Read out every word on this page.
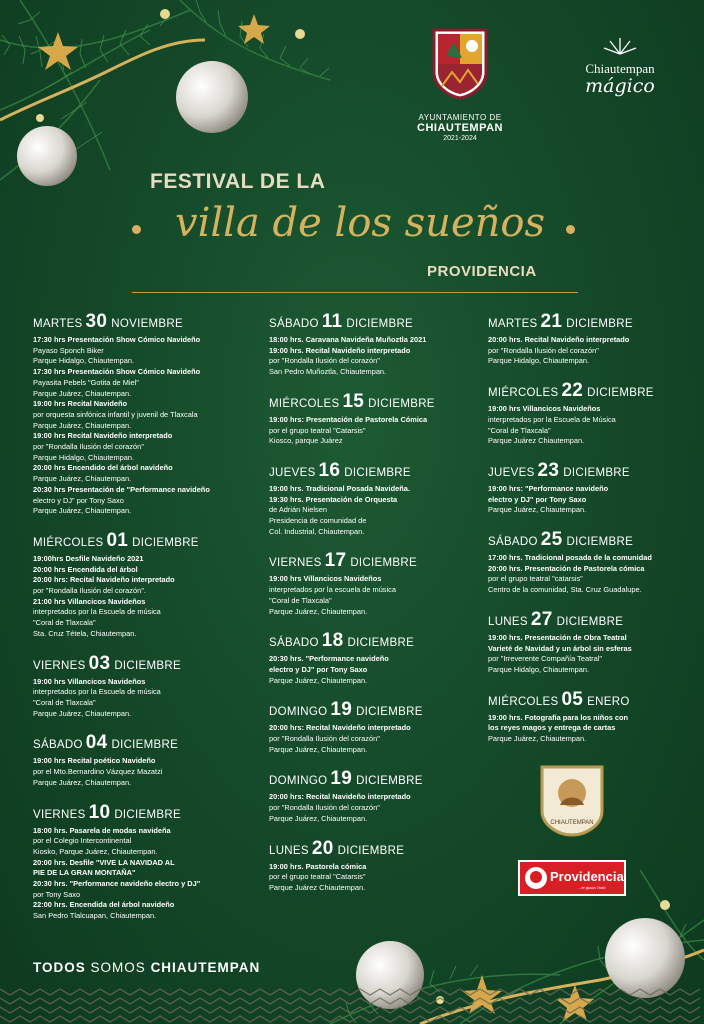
AYUNTAMIENTO DE
CHIAUTEMPAN
2021-2024
Chiautempan
mágico
FESTIVAL DE LA
villa de los sueños
PROVIDENCIA
MARTES 30 NOVIEMBRE
17:30 hrs Presentación Show Cómico Navideño
Payaso Sponch Biker
Parque Hidalgo, Chiautempan.
17:30 hrs Presentación Show Cómico Navideño
Payasita Pebels "Gotita de Miel"
Parque Juárez, Chiautempan.
19:00 hrs Recital Navideño
por orquesta sinfónica infantil y juvenil de Tlaxcala
Parque Juárez, Chiautempan.
19:00 hrs Recital Navideño interpretado
por "Rondalla Ilusión del corazón"
Parque Hidalgo, Chiautempan.
20:00 hrs Encendido del árbol navideño
Parque Juárez, Chiautempan.
20:30 hrs Presentación de "Performance navideño
electro y DJ" por Tony Saxo
Parque Juárez, Chiautempan.
MIÉRCOLES 01 DICIEMBRE
19:00hrs Desfile Navideño 2021
20:00 hrs Encendida del árbol
20:00 hrs: Recital Navideño interpretado
por "Rondalla Ilusión del corazón".
21:00 hrs Villancicos Navideños
interpretados por la Escuela de música
"Coral de Tlaxcala"
Sta. Cruz Tétela, Chiautempan.
VIERNES 03 DICIEMBRE
19:00 hrs Villancicos Navideños
interpretados por la Escuela de música
"Coral de Tlaxcala"
Parque Juárez, Chiautempan.
SÁBADO 04 DICIEMBRE
19:00 hrs Recital poético Navideño
por el Mto.Bernardino Vázquez Mazatzi
Parque Juárez, Chiautempan.
VIERNES 10 DICIEMBRE
18:00 hrs. Pasarela de modas navideña
por el Colegio Intercontinental
Kiosko, Parque Juárez, Chiautempan.
20:00 hrs. Desfile "VIVE LA NAVIDAD AL
PIE DE LA GRAN MONTAÑA"
20:30 hrs. "Performance navideño electro y DJ"
por Tony Saxo
22:00 hrs. Encendida del árbol navideño
San Pedro Tlalcuapan, Chiautempan.
SÁBADO 11 DICIEMBRE
18:00 hrs. Caravana Navideña Muñoztla 2021
19:00 hrs. Recital Navideño interpretado
por "Rondalla Ilusión del corazón"
San Pedro Muñoztla, Chiautempan.
MIÉRCOLES 15 DICIEMBRE
19:00 hrs: Presentación de Pastorela Cómica
por el grupo teatral "Catarsis"
Kiosco, parque Juárez
JUEVES 16 DICIEMBRE
19:00 hrs. Tradicional Posada Navideña.
19:30 hrs. Presentación de Orquesta
de Adrián Nielsen
Presidencia de comunidad de
Col. Industrial, Chiautempan.
VIERNES 17 DICIEMBRE
19:00 hrs Villancicos Navideños
interpretados por la escuela de música
"Coral de Tlaxcala"
Parque Juárez, Chiautempan.
SÁBADO 18 DICIEMBRE
20:30 hrs. "Performance navideño
electro y DJ" por Tony Saxo
Parque Juárez, Chiautempan.
DOMINGO 19 DICIEMBRE
20:00 hrs: Recital Navideño interpretado
por "Rondalla Ilusión del corazón"
Parque Juárez, Chiautempan.
DOMINGO 19 DICIEMBRE
20:00 hrs: Recital Navideño interpretado
por "Rondalla Ilusión del corazón"
Parque Juárez, Chiautempan.
LUNES 20 DICIEMBRE
19:00 hrs. Pastorela cómica
por el grupo teatral "Catarsis"
Parque Juárez Chiautempan.
MARTES 21 DICIEMBRE
20:00 hrs. Recital Navideño interpretado
por "Rondalla Ilusión del corazón"
Parque Hidalgo, Chiautempan.
MIÉRCOLES 22 DICIEMBRE
19:00 hrs Villancicos Navideños
interpretados por la Escuela de Música
"Coral de Tlaxcala"
Parque Juárez Chiautempan.
JUEVES 23 DICIEMBRE
19:00 hrs: "Performance navideño
electro y DJ" por Tony Saxo
Parque Juárez, Chiautempan.
SÁBADO 25 DICIEMBRE
17:00 hrs. Tradicional posada de la comunidad
20:00 hrs. Presentación de Pastorela cómica
por el grupo teatral "catarsis"
Centro de la comunidad, Sta. Cruz Guadalupe.
LUNES 27 DICIEMBRE
19:00 hrs. Presentación de Obra Teatral
Varieté de Navidad y un árbol sin esferas
por "Irreverente Compañía Teatral"
Parque Hidalgo, Chiautempan.
MIÉRCOLES 05 ENERO
19:00 hrs. Fotografía para los niños con
los reyes magos y entrega de cartas
Parque Juárez, Chiautempan.
CHIAUTEMPAN
Providencia
...te gusta Todo
TODOS SOMOS CHIAUTEMPAN
